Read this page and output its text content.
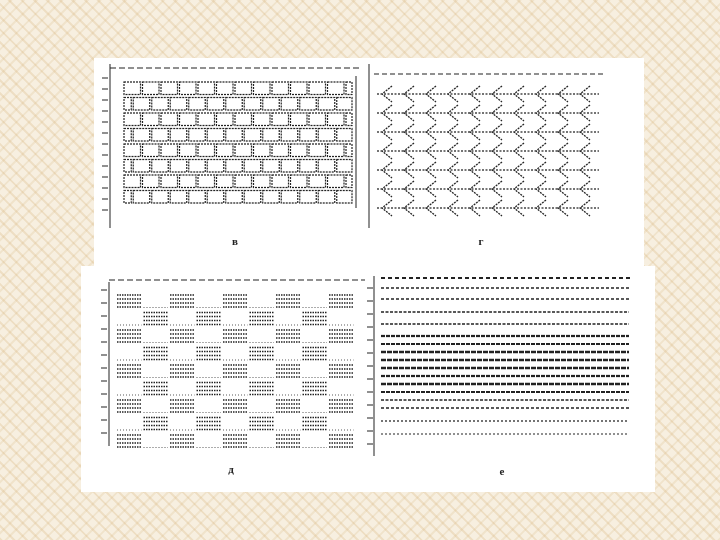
в	г
д	е
